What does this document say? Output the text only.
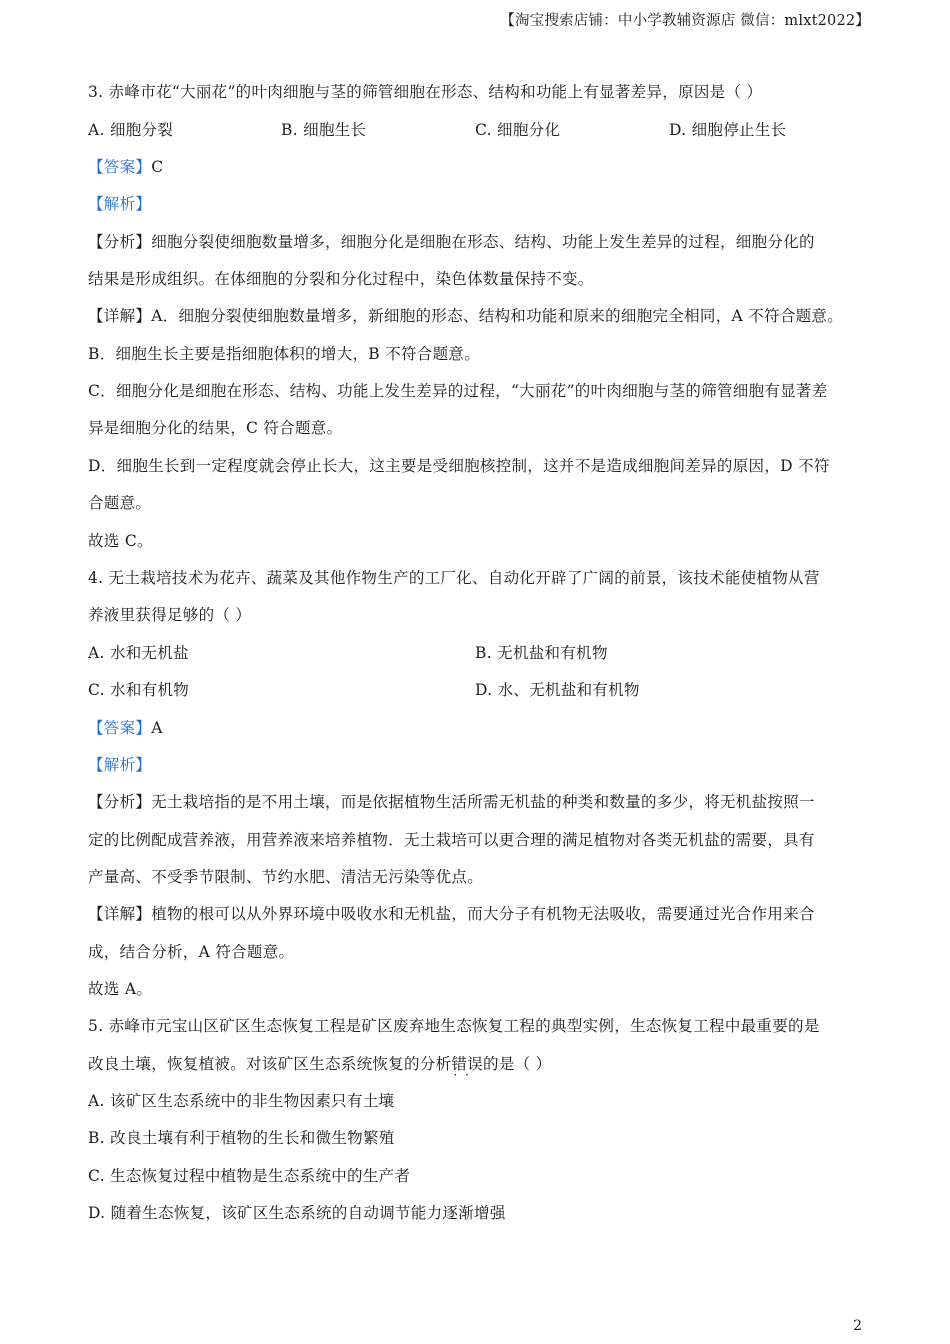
【淘宝搜索店铺：中小学教辅资源店 微信：mlxt2022】
3. 赤峰市花“大丽花”的叶肉细胞与茎的筛管细胞在形态、结构和功能上有显著差异，原因是（ ）
A. 细胞分裂	B. 细胞生长	C. 细胞分化	D. 细胞停止生长
【答案】C
【解析】
【分析】细胞分裂使细胞数量增多，细胞分化是细胞在形态、结构、功能上发生差异的过程，细胞分化的
结果是形成组织。在体细胞的分裂和分化过程中，染色体数量保持不变。
【详解】A．细胞分裂使细胞数量增多，新细胞的形态、结构和功能和原来的细胞完全相同，A 不符合题意。
B．细胞生长主要是指细胞体积的增大，B 不符合题意。
C．细胞分化是细胞在形态、结构、功能上发生差异的过程，“大丽花”的叶肉细胞与茎的筛管细胞有显著差
异是细胞分化的结果，C 符合题意。
D．细胞生长到一定程度就会停止长大，这主要是受细胞核控制，这并不是造成细胞间差异的原因，D 不符
合题意。
故选 C。
4. 无土栽培技术为花卉、蔬菜及其他作物生产的工厂化、自动化开辟了广阔的前景，该技术能使植物从营
养液里获得足够的（ ）
A. 水和无机盐	B. 无机盐和有机物
C. 水和有机物	D. 水、无机盐和有机物
【答案】A
【解析】
【分析】无土栽培指的是不用土壤，而是依据植物生活所需无机盐的种类和数量的多少，将无机盐按照一
定的比例配成营养液，用营养液来培养植物．无土栽培可以更合理的满足植物对各类无机盐的需要，具有
产量高、不受季节限制、节约水肥、清洁无污染等优点。
【详解】植物的根可以从外界环境中吸收水和无机盐，而大分子有机物无法吸收，需要通过光合作用来合
成，结合分析，A 符合题意。
故选 A。
5. 赤峰市元宝山区矿区生态恢复工程是矿区废弃地生态恢复工程的典型实例，生态恢复工程中最重要的是
改良土壤，恢复植被。对该矿区生态系统恢复的分析错误 · ·的是（ ）
A. 该矿区生态系统中的非生物因素只有土壤
B. 改良土壤有利于植物的生长和微生物繁殖
C. 生态恢复过程中植物是生态系统中的生产者
D. 随着生态恢复，该矿区生态系统的自动调节能力逐渐增强
2
